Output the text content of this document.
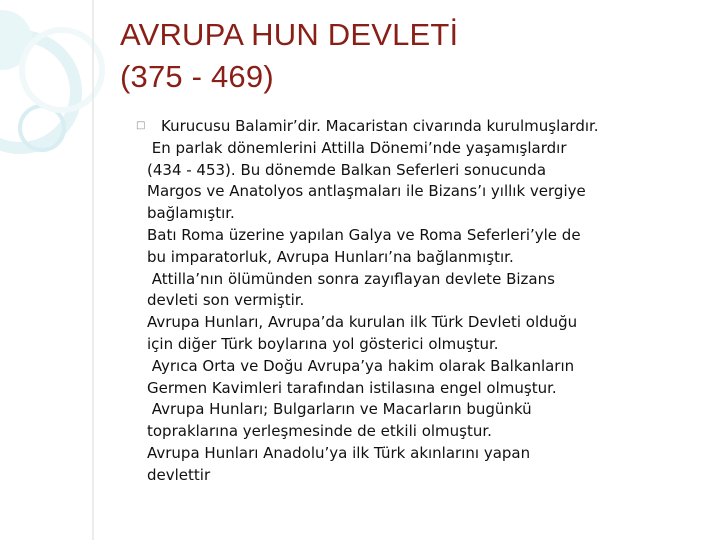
AVRUPA HUN DEVLETİ
(375 - 469)
□	Kurucusu Balamir’dir. Macaristan civarında kurulmuşlardır.
En parlak dönemlerini Attilla Dönemi’nde yaşamışlardır
(434 - 453). Bu dönemde Balkan Seferleri sonucunda
Margos ve Anatolyos antlaşmaları ile Bizans’ı yıllık vergiye
bağlamıştır.
Batı Roma üzerine yapılan Galya ve Roma Seferleri’yle de
bu imparatorluk, Avrupa Hunları’na bağlanmıştır.
Attilla’nın ölümünden sonra zayıflayan devlete Bizans
devleti son vermiştir.
Avrupa Hunları, Avrupa’da kurulan ilk Türk Devleti olduğu
için diğer Türk boylarına yol gösterici olmuştur.
Ayrıca Orta ve Doğu Avrupa’ya hakim olarak Balkanların
Germen Kavimleri tarafından istilasına engel olmuştur.
Avrupa Hunları; Bulgarların ve Macarların bugünkü
topraklarına yerleşmesinde de etkili olmuştur.
Avrupa Hunları Anadolu’ya ilk Türk akınlarını yapan
devlettir
